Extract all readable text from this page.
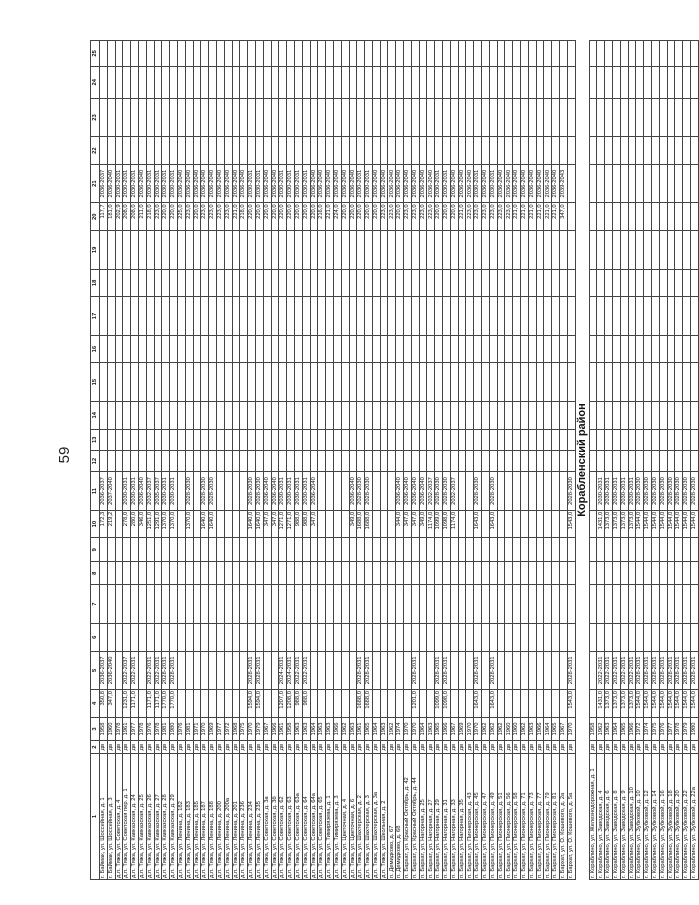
59
1	2	3	4	5	6	7	8	9	10	11	12	13	14	15	16	17	18	19	20	21	22	23	24	25
г. Баймак, ул. Шоссейная, д. 1	дв	1958	350,8	2036-2037					172,3	2036-2037									117,7	2036-2037				
г. Баймак, ул. Шоссейная, д. 3	дв	1960	347,0	2036-2040					219,2	2037-2040									181,0	2036-2040				
д.п. Тяжа, ул. Советская, д. 4	дв	1978																	202,9	2030-2031				
д.п. Тяжа, ул. Советская пер. д. 1	дв	1961	1231,0	2022-2037					278,0	2030-2031									208,0	2030-2031				
д.п. Тяжа, ул. Кавказская, д. 24	дв	1977	1171,0	2022-2031					280,0	2030-2031									208,0	2030-2031				
д.п. Тяжа, ул. Кавказская, д. 25	дв	1978							346,0	2036-2040									211,0	2036-2040				
д.п. Тяжа, ул. Кавказская, д. 26	дв	1976	1171,0	2022-2031					1251,0	2032-2037									218,0	2030-2031				
д.п. Тяжа, ул. Кавказская, д. 27	дв	1978	1171,0	2022-2031					1291,0	2035-2037									223,0	2030-2031				
д.п. Тяжа, ул. Кавказская, д. 28	дв	1981	1770,0	2028-2031					1370,0	2030-2031									220,0	2030-2031				
д.п. Тяжа, ул. Кавказская, д. 29	дв	1980	1770,0	2028-2031					1370,0	2030-2031									220,0	2030-2031				
д.п. Тяжа, ул. Ленина, д. 182	дв	1976																	225,0	2036-2040				
д.п. Тяжа, ул. Ленина, д. 183	дв	1981							1370,0	2028-2030									223,0	2036-2040				
д.п. Тяжа, ул. Ленина, д. 185	дв	1971																	220,0	2036-2040				
д.п. Тяжа, ул. Ленина, д. 187	дв	1970							1640,0	2028-2030									223,0	2036-2040				
д.п. Тяжа, ул. Ленина, д. 188	дв	1969							1640,0	2028-2030									223,0	2036-2040				
д.п. Тяжа, ул. Ленина, д. 200	дв	1977																	223,0	2036-2040				
д.п. Тяжа, ул. Ленина, д. 200а	дв	1972																	223,0	2036-2040				
д.п. Тяжа, ул. Ленина, д. 201	дв	1968																	221,0	2036-2040				
д.п. Тяжа, ул. Ленина, д. 236	дв	1975																	218,0	2036-2040				
д.п. Тяжа, ул. Ленина, д. 234	дв	1970	1594,0	2028-2031					1640,0	2028-2030									220,0	2030-2031				
д.п. Тяжа, ул. Ленина, д. 235	дв	1979	1594,0	2028-2031					1640,0	2028-2030									220,0	2030-2031				
д.п. Тяжа, ул. Советская, д. 3а	дв	1967							347,0	2036-2040									220,0	2036-2040				
д.п. Тяжа, ул. Советская, д. 3б	дв	1966							347,0	2036-2040									220,0	2036-2040				
д.п. Тяжа, ул. Советская, д. 62	дв	1961	1207,0	2024-2031					1271,0	2030-2031									220,0	2030-2031				
д.п. Тяжа, ул. Советская, д. 63	дв	1958	1208,0	2024-2031					1271,0	2030-2031									220,0	2030-2031				
д.п. Тяжа, ул. Советская, д. 63а	дв	1963	988,0	2022-2031					988,0	2030-2031									220,0	2030-2031				
д.п. Тяжа, ул. Советская, д. 64	дв	1963	988,0	2022-2031					988,0	2030-2031									220,0	2030-2031				
д.п. Тяжа, ул. Советская, д. 64а	дв	1964							347,0	2036-2040									220,0	2036-2040				
д.п. Тяжа, ул. Советская, д. 65	дв	1963																	216,0	2036-2040				
д.п. Тяжа, ул. Тимирязева, д. 1	дв	1963																	221,0	2036-2040				
д.п. Тяжа, ул. Тимирязева, д. 3	дв	1966																	224,0	2036-2040				
д.п. Тяжа, ул. Цветочная, д. 4	дв	1962																	220,0	2036-2040				
д.п. Тяжа, ул. Цветочная, д. 6	дв	1963							349,0	2036-2040									220,0	2036-2040				
д.п. Тяжа, ул. Шахтерская, д. 2	дв	1961	1688,0	2028-2031					1688,0	2028-2030									220,0	2030-2031				
д.п. Тяжа, ул. Шахтерская, д. 3	дв	1965	1688,0	2028-2031					1688,0	2028-2030									220,0	2030-2031				
д.п. Тяжа, ул. Шахтерская, д. 3а	дв	1964																	220,0	2036-2040				
д.п. Тяжа, ул. Школьная, д. 2	дв	1963																	223,0	2036-2040				
п. Демидково, д. 67	дв	1962																	223,0	2036-2040				
п. Демидково, д. 68	дв	1974							344,0	2036-2040									220,0	2036-2040				
п. Бархат, ул. Красный Октябрь, д. 42	дв	1970							347,0	2036-2040									223,0	2036-2040				
п. Бархат, ул. Красный Октябрь, д. 44	дв	1970	1201,0	2028-2031					347,0	2036-2040									223,0	2036-2040				
п. Бархат, ул. Нагорная, д. 25	дв	1964							349,0	2036-2040									223,0	2036-2040				
п. Бархат, ул. Нагорная, д. 27	дв	1963							1174,0	2032-2037									223,0	2036-2040				
п. Бархат, ул. Нагорная, д. 29	дв	1965	1099,0	2028-2031					1099,0	2028-2030									220,0	2030-2031				
п. Бархат, ул. Нагорная, д. 31	дв	1966	1098,0	2028-2031					1098,0	2028-2030									220,0	2030-2031				
п. Бархат, ул. Нагорная, д. 33	дв	1967							1174,0	2032-2037									220,0	2036-2040				
п. Бархат, ул. Нагорная, д. 35	дв	1969																	221,0	2036-2040				
п. Бархат, ул. Пионерская, д. 43	дв	1970																	223,0	2036-2040				
п. Бархат, ул. Пионерская, д. 45	дв	1970	1643,0	2028-2031					1643,0	2028-2030									223,0	2030-2031				
п. Бархат, ул. Пионерская, д. 47	дв	1962																	223,0	2036-2040				
п. Бархат, ул. Пионерская, д. 49	дв	1962	1643,0	2028-2031					1643,0	2028-2030									223,0	2030-2031				
п. Бархат, ул. Пионерская, д. 51	дв	1962																	223,0	2036-2040				
п. Бархат, ул. Пионерская, д. 56	дв	1960																	223,0	2036-2040				
п. Бархат, ул. Пионерская, д. 58	дв	1960																	221,0	2036-2040				
п. Бархат, ул. Пионерская, д. 71	дв	1962																	221,0	2036-2040				
п. Бархат, ул. Пионерская, д. 73	дв	1963																	221,0	2036-2040				
п. Бархат, ул. Пионерская, д. 77	дв	1966																	221,0	2036-2040				
п. Бархат, ул. Пионерская, д. 79	дв	1964																	221,0	2036-2040				
п. Бархат, ул. Пионерская, д. 81	дв	1965																	221,0	2036-2040				
г. Бархат, ул. О. Кошевого, д. 2а	дв	1967																	347,0	2039-2043				
г. Бархат, ул. О. Кошевого, д. 5а	дв	1970	1543,0	2028-2031					1543,0	2028-2030														
Корабленский район																								
г. Кораблино, ул. Железнодорожная, д. 1	дв	1958																						
г. Кораблино, ул. Заводская, д. 4	дв	1962	1431,0	2022-2031					1431,0	2030-2031														
г. Кораблино, ул. Заводская, д. 6	дв	1963	1373,0	2022-2031					1373,0	2030-2031														
г. Кораблино, ул. Заводская, д. 8	дв	1964	1373,0	2022-2031					1373,0	2030-2031														
г. Кораблино, ул. Заводская, д. 9	дв	1965	1373,0	2022-2031					1373,0	2030-2031														
г. Кораблино, ул. Заводская, д. 10	дв	1966	1373,0	2022-2031					1373,0	2030-2031														
г. Кораблино, ул. Зубковой, д. 10	дв	1972	1544,0	2028-2031					1544,0	2028-2030														
г. Кораблино, ул. Зубковой, д. 12	дв	1974	1544,0	2028-2031					1544,0	2028-2030														
г. Кораблино, ул. Зубковой, д. 14	дв	1975	1544,0	2028-2031					1544,0	2028-2030														
г. Кораблино, ул. Зубковой, д. 16	дв	1976	1544,0	2028-2031					1544,0	2028-2030														
г. Кораблино, ул. Зубковой, д. 18	дв	1977	1544,0	2028-2031					1544,0	2028-2030														
г. Кораблино, ул. Зубковой, д. 20	дв	1978	1544,0	2028-2031					1544,0	2028-2030														
г. Кораблино, ул. Зубковой, д. 22	дв	1979	1544,0	2028-2031					1544,0	2028-2030														
г. Кораблино, ул. Зубковой, д. 22а	дв	1980	1544,0	2028-2031					1544,0	2028-2030														
